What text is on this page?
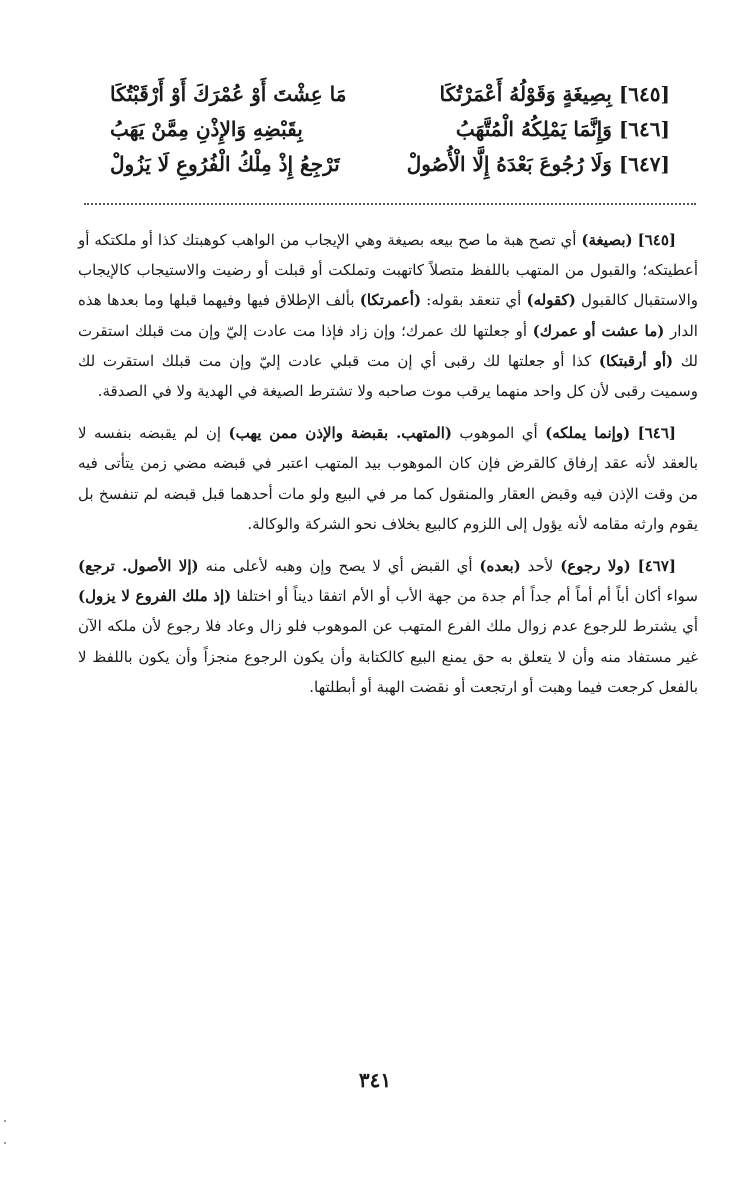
[٦٤٥] بِصِيغَةٍ وَقَوْلُهُ أَعْمَرْتُكَا
مَا عِشْتَ أَوْ عُمْرَكَ أَوْ أَرْقَبْتُكَا
[٦٤٦] وَإِنَّمَا يَمْلِكُهُ الْمُتَّهَبُ
بِقَبْضِهِ وَالإِذْنِ مِمَّنْ يَهَبُ
[٦٤٧] وَلَا رُجُوعَ بَعْدَهُ إِلَّا الْأُصُولْ
تَرْجِعُ إِذْ مِلْكُ الْفُرُوعِ لَا يَزُولْ

[٦٤٥] (بصيغة) أي تصح هبة ما صح بيعه بصيغة وهي الإيجاب من الواهب كوهبتك كذا أو ملكتكه أو أعطيتكه؛ والقبول من المتهب باللفظ متصلاً كاتهبت وتملكت أو قبلت أو رضيت والاستيجاب كالإيجاب والاستقبال كالقبول (كقوله) أي تنعقد بقوله: (أعمرتكا) بألف الإطلاق فيها وفيهما قبلها وما بعدها هذه الدار (ما عشت أو عمرك) أو جعلتها لك عمرك؛ وإن زاد فإذا مت عادت إليّ وإن مت قبلك استقرت لك (أو أرقبتكا) كذا أو جعلتها لك رقبى أي إن مت قبلي عادت إليّ وإن مت قبلك استقرت لك وسميت رقبى لأن كل واحد منهما يرقب موت صاحبه ولا تشترط الصيغة في الهدية ولا في الصدقة.

[٦٤٦] (وإنما يملكه) أي الموهوب (المتهب. بقبضة والإذن ممن يهب) إن لم يقبضه بنفسه لا بالعقد لأنه عقد إرفاق كالقرض فإن كان الموهوب بيد المتهب اعتبر في قبضه مضي زمن يتأتى فيه من وقت الإذن فيه وقبض العقار والمنقول كما مر في البيع ولو مات أحدهما قبل قبضه لم تنفسخ بل يقوم وارثه مقامه لأنه يؤول إلى اللزوم كالبيع بخلاف نحو الشركة والوكالة.

[٤٦٧] (ولا رجوع) لأحد (بعده) أي القبض أي لا يصح وإن وهبه لأعلى منه (إلا الأصول. ترجع) سواء أكان أباً أم أماً أم جداً أم جدة من جهة الأب أو الأم اتفقا ديناً أو اختلفا (إذ ملك الفروع لا يزول) أي يشترط للرجوع عدم زوال ملك الفرع المتهب عن الموهوب فلو زال وعاد فلا رجوع لأن ملكه الآن غير مستفاد منه وأن لا يتعلق به حق يمنع البيع كالكتابة وأن يكون الرجوع منجزاً وأن يكون باللفظ لا بالفعل كرجعت فيما وهبت أو ارتجعت أو نقضت الهبة أو أبطلتها.

٣٤١
